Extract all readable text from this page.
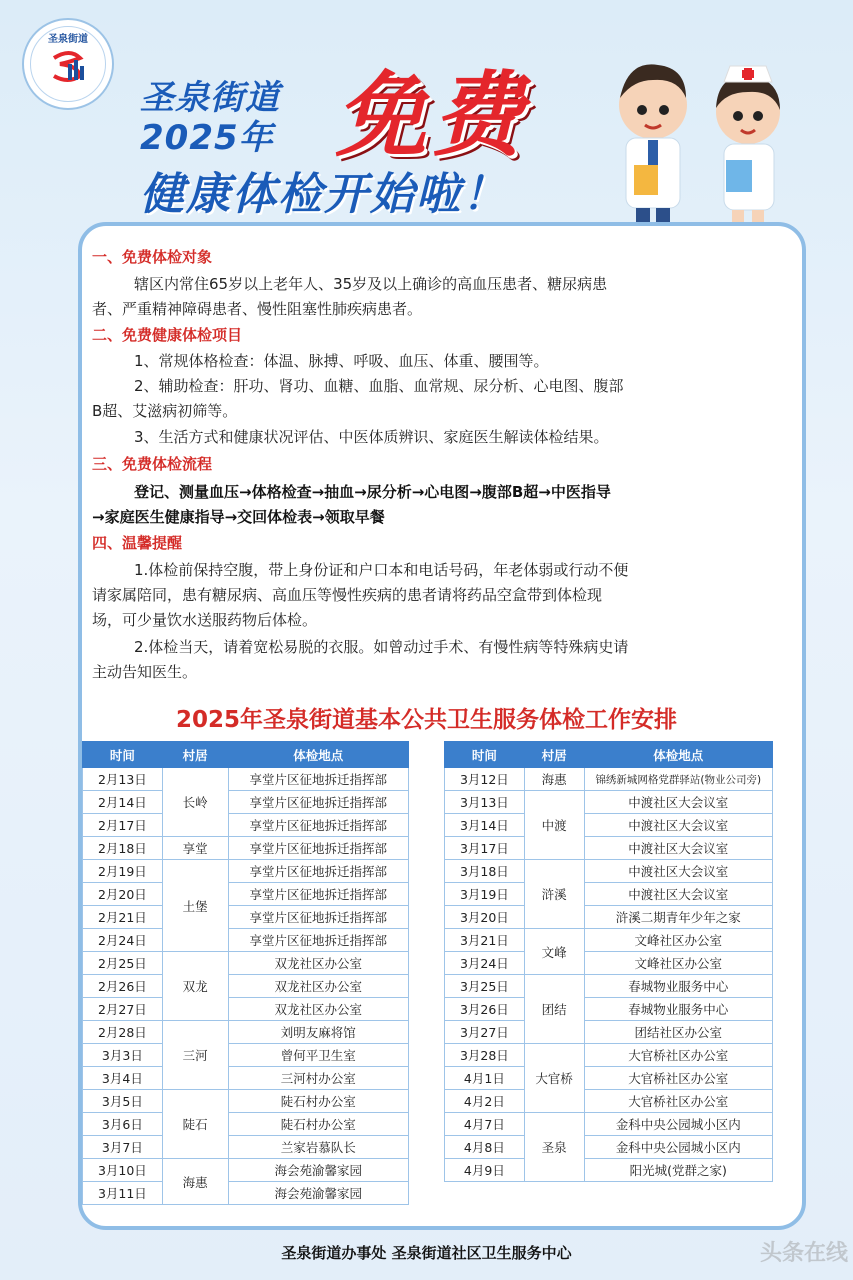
圣泉街道
圣泉街道
2025年 免费
健康体检开始啦！
一、免费体检对象
辖区内常住65岁以上老年人、35岁及以上确诊的高血压患者、糖尿病患
者、严重精神障碍患者、慢性阻塞性肺疾病患者。
二、免费健康体检项目
1、常规体格检查：体温、脉搏、呼吸、血压、体重、腰围等。
2、辅助检查：肝功、肾功、血糖、血脂、血常规、尿分析、心电图、腹部
B超、艾滋病初筛等。
3、生活方式和健康状况评估、中医体质辨识、家庭医生解读体检结果。
三、免费体检流程
登记、测量血压→体格检查→抽血→尿分析→心电图→腹部B超→中医指导
→家庭医生健康指导→交回体检表→领取早餐
四、温馨提醒
1.体检前保持空腹，带上身份证和户口本和电话号码，年老体弱或行动不便
请家属陪同，患有糖尿病、高血压等慢性疾病的患者请将药品空盒带到体检现
场，可少量饮水送服药物后体检。
2.体检当天，请着宽松易脱的衣服。如曾动过手术、有慢性病等特殊病史请
主动告知医生。
2025年圣泉街道基本公共卫生服务体检工作安排
时间	村居	体检地点
2月13日	长岭	享堂片区征地拆迁指挥部
2月14日		享堂片区征地拆迁指挥部
2月17日		享堂片区征地拆迁指挥部
2月18日	享堂	享堂片区征地拆迁指挥部
2月19日	土堡	享堂片区征地拆迁指挥部
2月20日		享堂片区征地拆迁指挥部
2月21日		享堂片区征地拆迁指挥部
2月24日		享堂片区征地拆迁指挥部
2月25日	双龙	双龙社区办公室
2月26日		双龙社区办公室
2月27日		双龙社区办公室
2月28日	三河	刘明友麻将馆
3月3日		曾何平卫生室
3月4日		三河村办公室
3月5日	陡石	陡石村办公室
3月6日		陡石村办公室
3月7日		兰家岩慕队长
3月10日	海惠	海会苑渝馨家园
3月11日		海会苑渝馨家园
时间	村居	体检地点
3月12日	海惠	锦绣新城网格党群驿站(物业公司旁)
3月13日	中渡	中渡社区大会议室
3月14日		中渡社区大会议室
3月17日		中渡社区大会议室
3月18日	浒溪	中渡社区大会议室
3月19日		中渡社区大会议室
3月20日		浒溪二期青年少年之家
3月21日	文峰	文峰社区办公室
3月24日		文峰社区办公室
3月25日	团结	春城物业服务中心
3月26日		春城物业服务中心
3月27日		团结社区办公室
3月28日	大官桥	大官桥社区办公室
4月1日		大官桥社区办公室
4月2日		大官桥社区办公室
4月7日	圣泉	金科中央公园城小区内
4月8日		金科中央公园城小区内
4月9日		阳光城(党群之家)
圣泉街道办事处 圣泉街道社区卫生服务中心	头条在线
